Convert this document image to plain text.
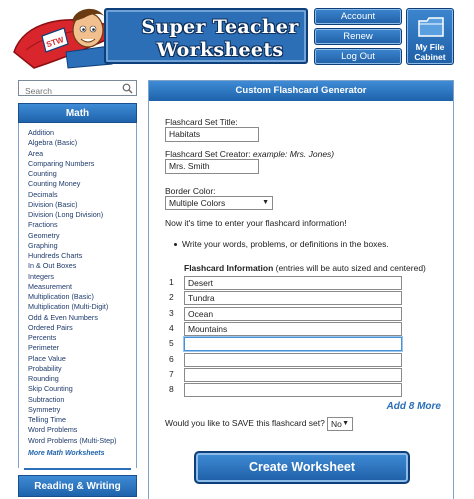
STW
Super Teacher
Worksheets
Account
Renew
Log Out
My File
Cabinet
Search
Math
Addition
Algebra (Basic)
Area
Comparing Numbers
Counting
Counting Money
Decimals
Division (Basic)
Division (Long Division)
Fractions
Geometry
Graphing
Hundreds Charts
In & Out Boxes
Integers
Measurement
Multiplication (Basic)
Multiplication (Multi-Digit)
Odd & Even Numbers
Ordered Pairs
Percents
Perimeter
Place Value
Probability
Rounding
Skip Counting
Subtraction
Symmetry
Telling Time
Word Problems
Word Problems (Multi-Step)
More Math Worksheets
Reading & Writing
Custom Flashcard Generator
Flashcard Set Title:
Habitats
Flashcard Set Creator: example: Mrs. Jones)
Mrs. Smith
Border Color:
Multiple Colors	▼
Now it's time to enter your flashcard information!
Write your words, problems, or definitions in the boxes.
Flashcard Information (entries will be auto sized and centered)
1	Desert
2	Tundra
3	Ocean
4	Mountains
5
6
7
8
Add 8 More
Would you like to SAVE this flashcard set? No ▼
Create Worksheet
